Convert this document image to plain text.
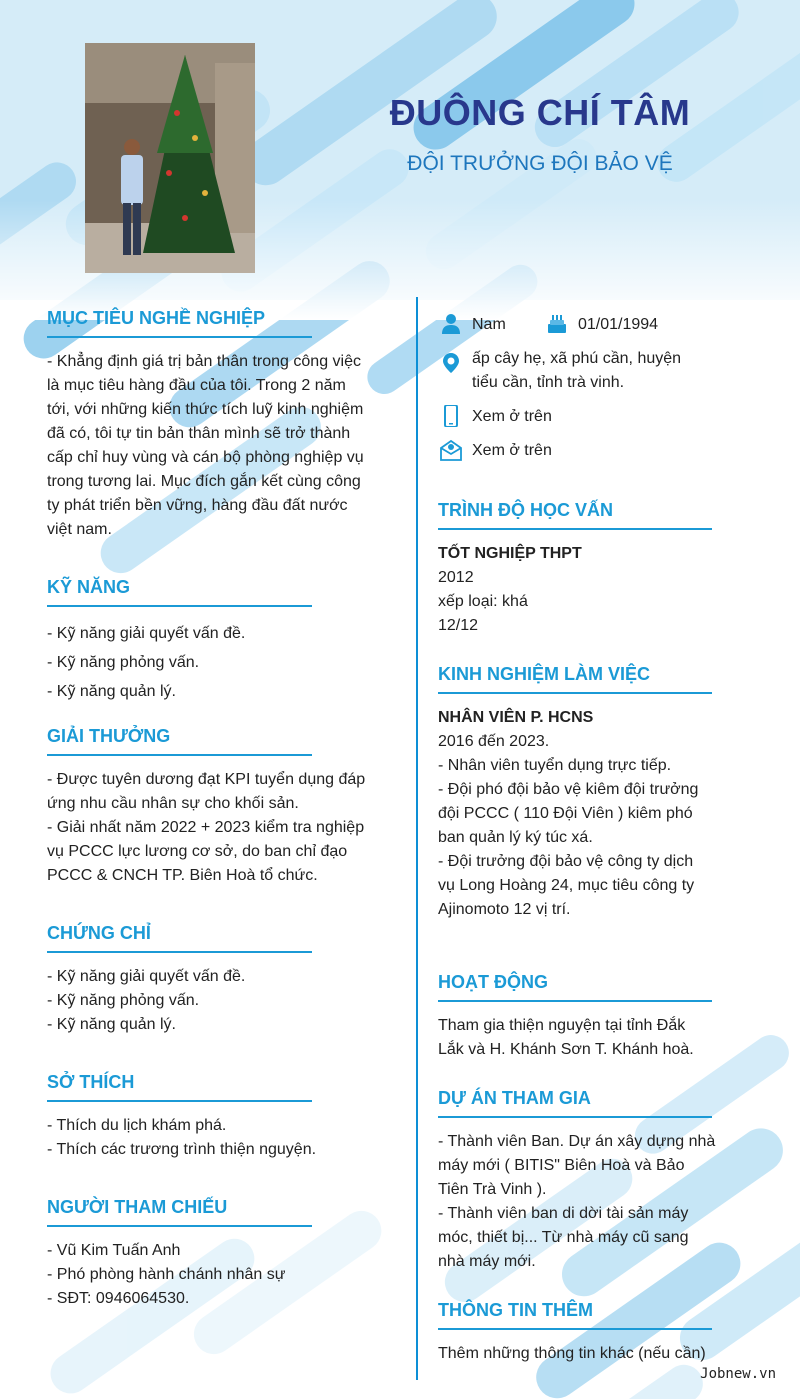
ĐUÔNG CHÍ TÂM
ĐỘI TRƯỞNG ĐỘI BẢO VỆ
MỤC TIÊU NGHỀ NGHIỆP
- Khẳng định giá trị bản thân trong công việc
là mục tiêu hàng đầu của tôi. Trong 2 năm
tới, với những kiến thức tích luỹ kinh nghiệm
đã có, tôi tự tin bản thân mình sẽ trở thành
cấp chỉ huy vùng và cán bộ phòng nghiệp vụ
trong tương lai. Mục đích gắn kết cùng công
ty phát triển bền vững, hàng đầu đất nước
việt nam.
KỸ NĂNG
- Kỹ năng giải quyết vấn đề.
- Kỹ năng phỏng vấn.
- Kỹ năng quản lý.
GIẢI THƯỞNG
- Được tuyên dương đạt KPI tuyển dụng đáp
ứng nhu cầu nhân sự cho khối sản.
- Giải nhất năm 2022 + 2023 kiểm tra nghiệp
vụ PCCC lực lương cơ sở, do ban chỉ đạo
PCCC & CNCH TP. Biên Hoà tổ chức.
CHỨNG CHỈ
- Kỹ năng giải quyết vấn đề.
- Kỹ năng phỏng vấn.
- Kỹ năng quản lý.
SỞ THÍCH
- Thích du lịch khám phá.
- Thích các trương trình thiện nguyện.
NGƯỜI THAM CHIẾU
- Vũ Kim Tuấn Anh
- Phó phòng hành chánh nhân sự
- SĐT: 0946064530.
Nam	01/01/1994
ấp cây hẹ, xã phú cần, huyện
tiểu cần, tỉnh trà vinh.
Xem ở trên
Xem ở trên
TRÌNH ĐỘ HỌC VẤN
TỐT NGHIỆP THPT
2012
xếp loại: khá
12/12
KINH NGHIỆM LÀM VIỆC
NHÂN VIÊN P. HCNS
2016 đến 2023.
- Nhân viên tuyển dụng trực tiếp.
- Đội phó đội bảo vệ kiêm đội trưởng
đội PCCC ( 110 Đội Viên ) kiêm phó
ban quản lý ký túc xá.
- Đội trưởng đội bảo vệ công ty dịch
vụ Long Hoàng 24, mục tiêu công ty
Ajinomoto 12 vị trí.
HOẠT ĐỘNG
Tham gia thiện nguyện tại tỉnh Đắk
Lắk và H. Khánh Sơn T. Khánh hoà.
DỰ ÁN THAM GIA
- Thành viên Ban. Dự án xây dựng nhà
máy mới ( BITIS" Biên Hoà và Bảo
Tiên Trà Vinh ).
- Thành viên ban di dời tài sản máy
móc, thiết bị... Từ nhà máy cũ sang
nhà máy mới.
THÔNG TIN THÊM
Thêm những thông tin khác (nếu cần)
Jobnew.vn
